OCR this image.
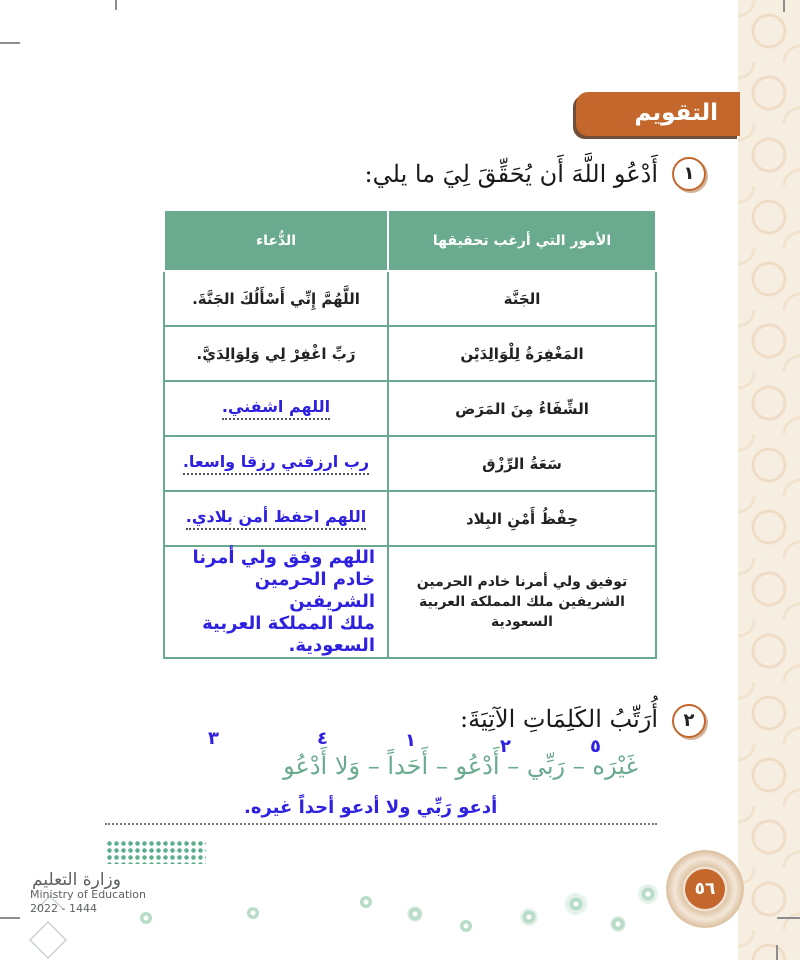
التقويم
١
أَدْعُو اللَّهَ أَن يُحَقِّقَ لِيَ ما يلي:
الأمور التي أرغب تحقيقها	الدُّعاء
الجَنَّة	اللَّهُمَّ إِنِّي أَسْأَلُكَ الجَنَّةَ.
المَغْفِرَةُ لِلْوَالِدَيْن	رَبِّ اغْفِرْ لِي وَلِوَالِدَيَّ.
الشِّفَاءُ مِنَ المَرَض	اللهم اشفني.
سَعَةُ الرِّزْق	رب ارزقني رزقا واسعا.
حِفْظُ أَمْنِ البِلاد	اللهم احفظ أمن بلادي.
توفيق ولي أمرنا خادم الحرمين الشريفين ملك المملكة العربية السعودية	اللهم وفق ولي أمرنا
خادم الحرمين الشريفين
ملك المملكة العربية السعودية.
٢
أُرَتِّبُ الكَلِمَاتِ الآتِيَةَ:
٣	٤	١	٢	٥
غَيْرَه – رَبِّي – أَدْعُو – أَحَداً – وَلا أَدْعُو
أدعو رَبِّي ولا أدعو أحداً غيره.
وزارة التعليم
Ministry of Education
2022 - 1444
٥٦
